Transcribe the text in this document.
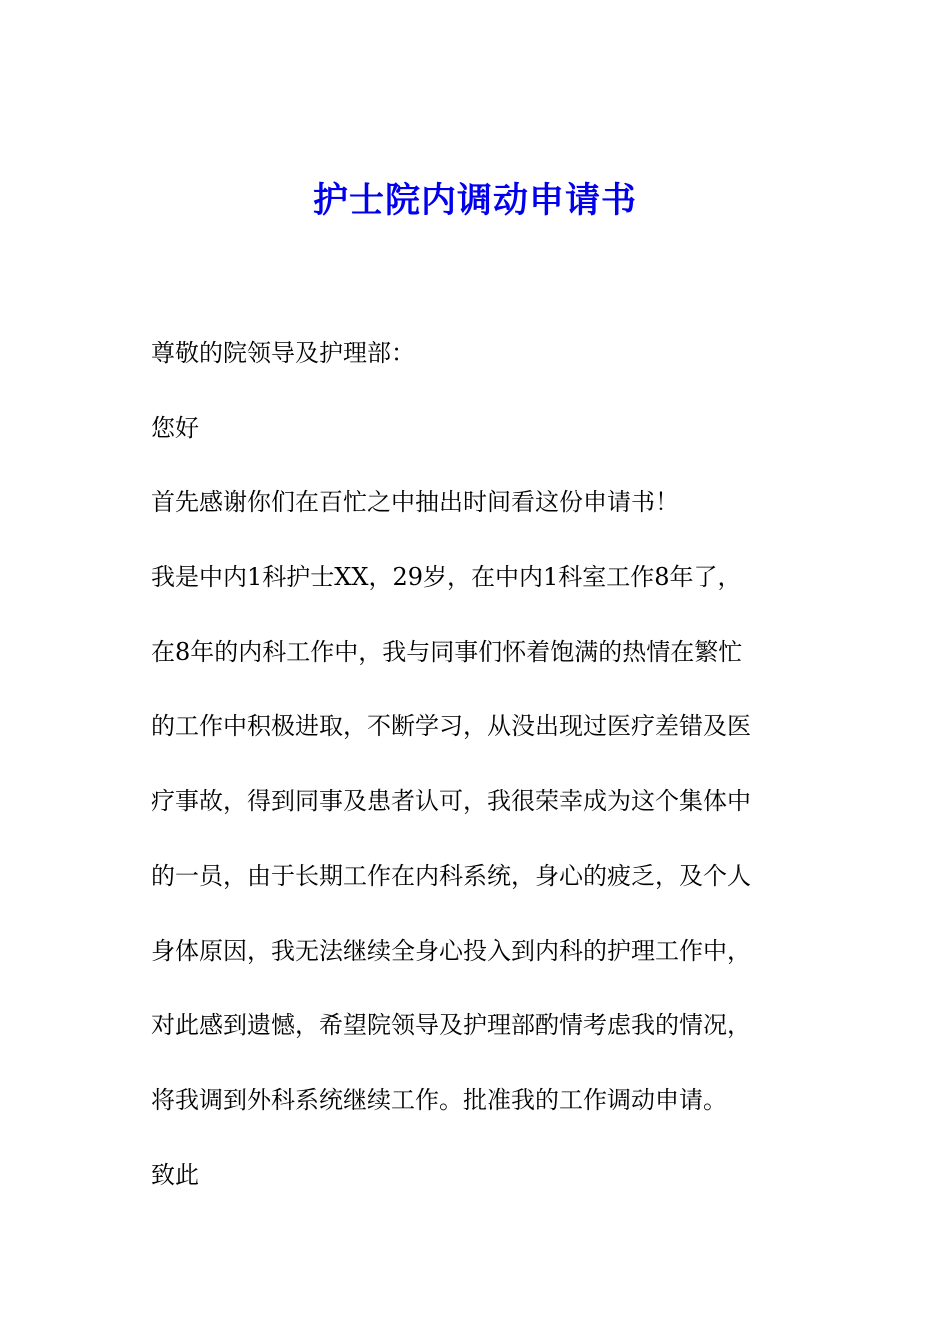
护士院内调动申请书
尊敬的院领导及护理部：
您好
首先感谢你们在百忙之中抽出时间看这份申请书！
我是中内1科护士XX，29岁，在中内1科室工作8年了，
在8年的内科工作中，我与同事们怀着饱满的热情在繁忙
的工作中积极进取，不断学习，从没出现过医疗差错及医
疗事故，得到同事及患者认可，我很荣幸成为这个集体中
的一员，由于长期工作在内科系统，身心的疲乏，及个人
身体原因，我无法继续全身心投入到内科的护理工作中，
对此感到遗憾，希望院领导及护理部酌情考虑我的情况，
将我调到外科系统继续工作。批准我的工作调动申请。
致此
